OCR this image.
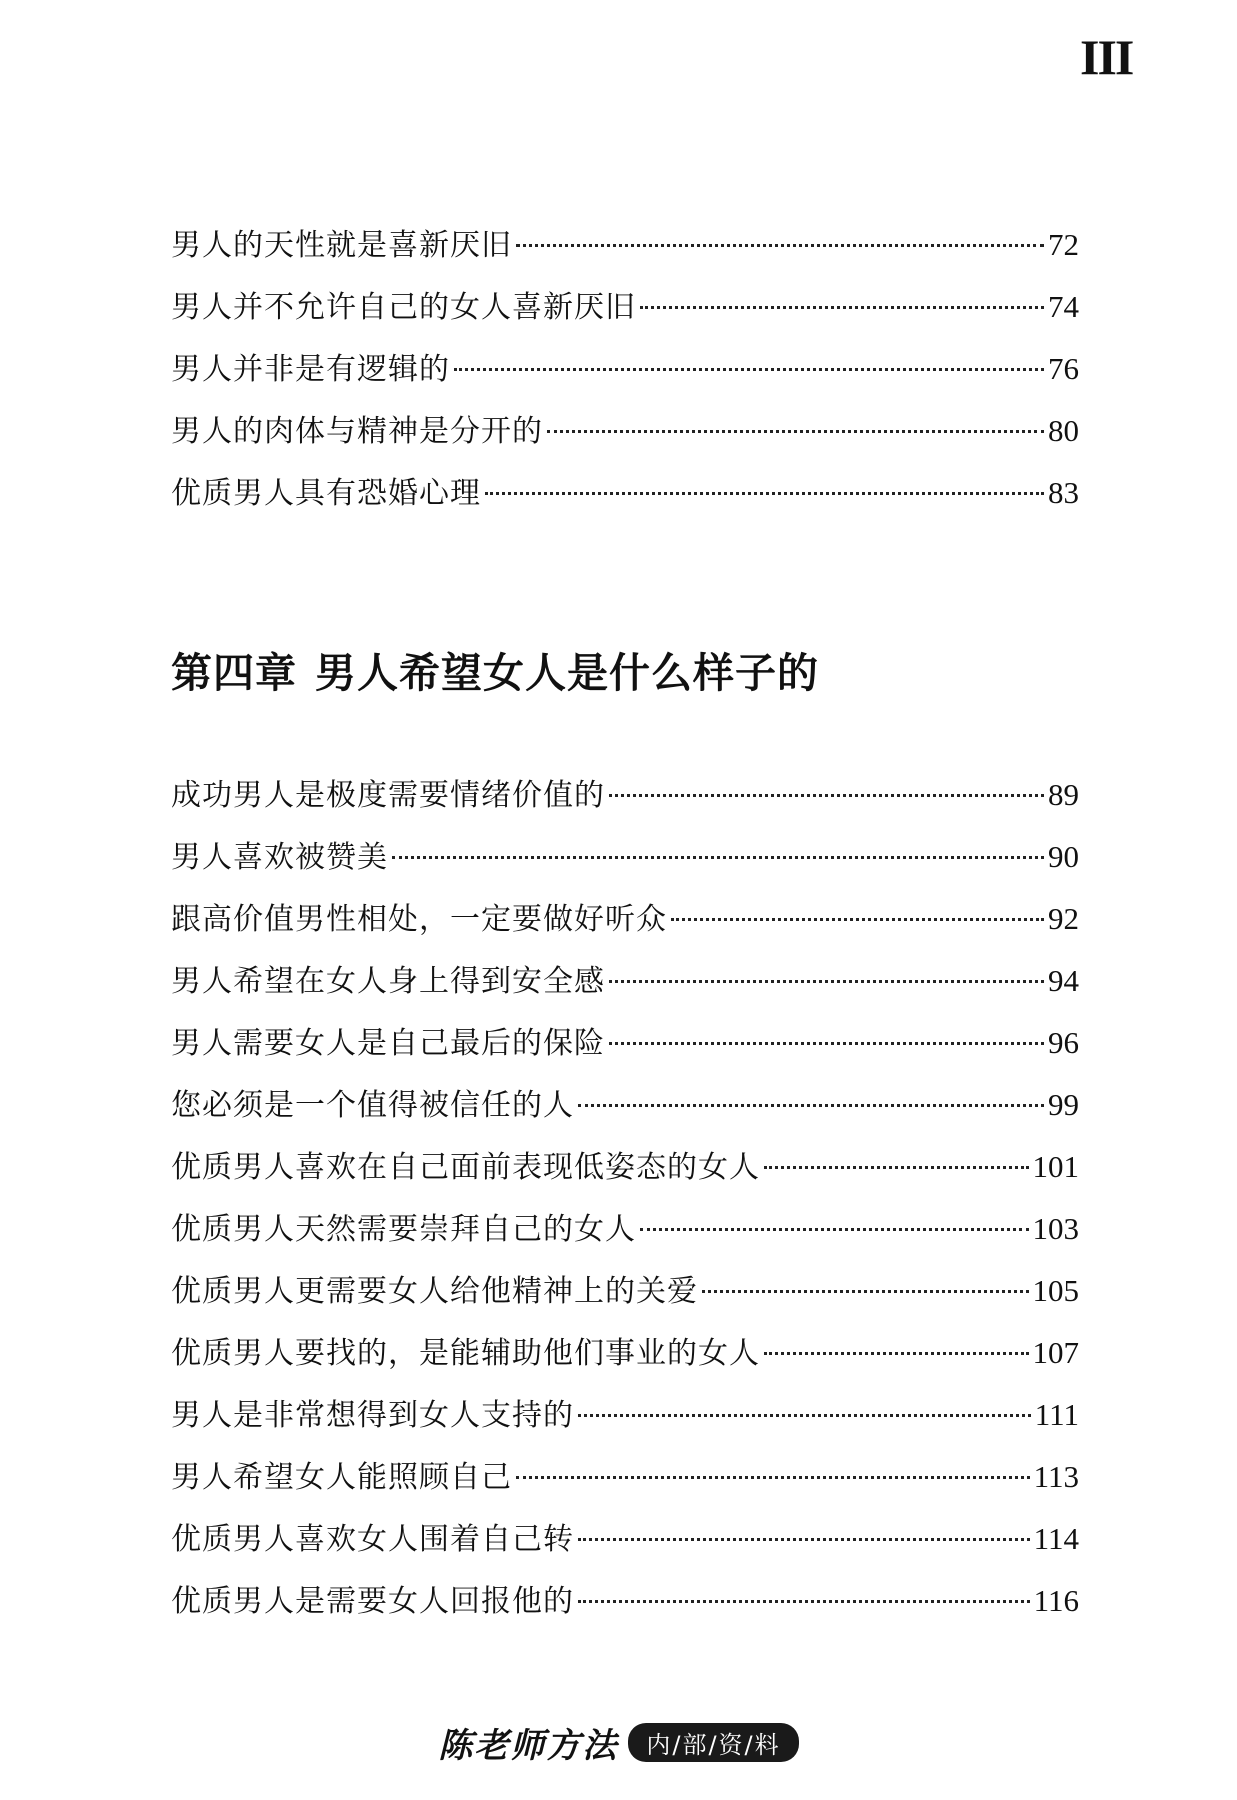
III
男人的天性就是喜新厌旧	72
男人并不允许自己的女人喜新厌旧	74
男人并非是有逻辑的	76
男人的肉体与精神是分开的	80
优质男人具有恐婚心理	83
第四章 男人希望女人是什么样子的
成功男人是极度需要情绪价值的	89
男人喜欢被赞美	90
跟高价值男性相处，一定要做好听众	92
男人希望在女人身上得到安全感	94
男人需要女人是自己最后的保险	96
您必须是一个值得被信任的人	99
优质男人喜欢在自己面前表现低姿态的女人	101
优质男人天然需要崇拜自己的女人	103
优质男人更需要女人给他精神上的关爱	105
优质男人要找的，是能辅助他们事业的女人	107
男人是非常想得到女人支持的	111
男人希望女人能照顾自己	113
优质男人喜欢女人围着自己转	114
优质男人是需要女人回报他的	116
陈老师方法	内/部/资/料
